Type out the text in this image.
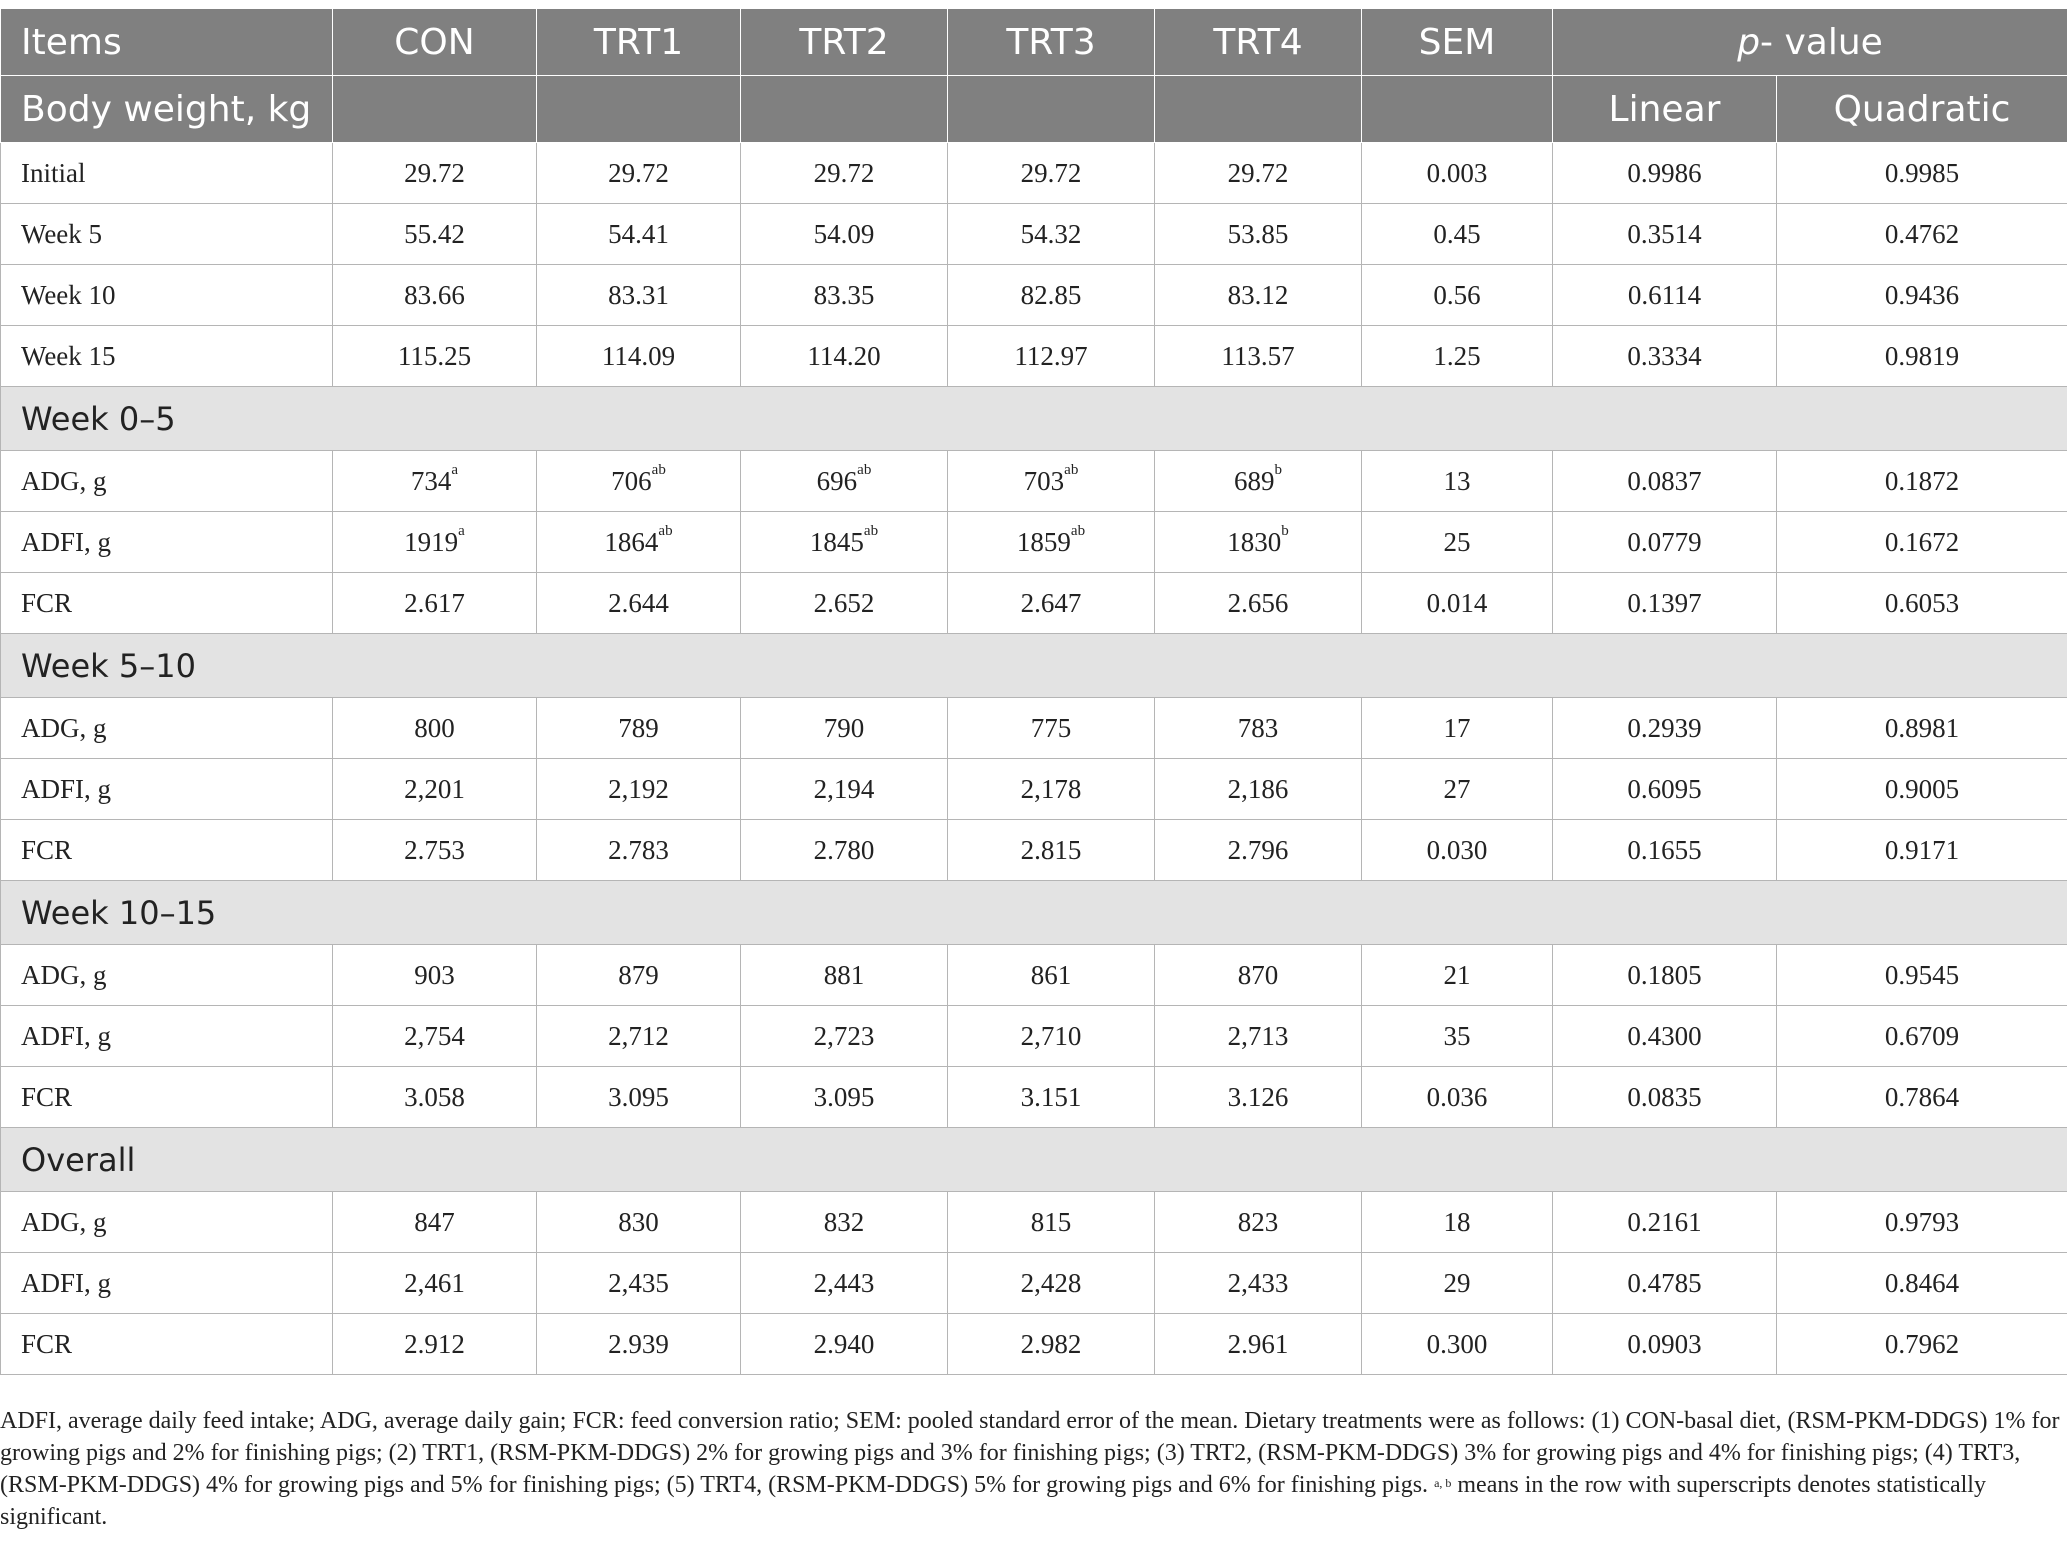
Items	CON	TRT1	TRT2	TRT3	TRT4	SEM	p- value	
Body weight, kg							Linear	Quadratic
Initial	29.72	29.72	29.72	29.72	29.72	0.003	0.9986	0.9985
Week 5	55.42	54.41	54.09	54.32	53.85	0.45	0.3514	0.4762
Week 10	83.66	83.31	83.35	82.85	83.12	0.56	0.6114	0.9436
Week 15	115.25	114.09	114.20	112.97	113.57	1.25	0.3334	0.9819
Week 0–5								
ADG, g	734$^a$	$706^{ab}$	$696^{ab}$	$703^{ab}$	689$^b$	13	0.0837	0.1872
ADFI, g	1919$^a$	$1864^{ab}$	$1845^{ab}$	$1859^{ab}$	1830$^b$	25	0.0779	0.1672
FCR	2.617	2.644	2.652	2.647	2.656	0.014	0.1397	0.6053
Week 5–10								
ADG, g	800	789	790	775	783	17	0.2939	0.8981
ADFI, g	2,201	2,192	2,194	2,178	2,186	27	0.6095	0.9005
FCR	2.753	2.783	2.780	2.815	2.796	0.030	0.1655	0.9171
Week 10–15								
ADG, g	903	879	881	861	870	21	0.1805	0.9545
ADFI, g	2,754	2,712	2,723	2,710	2,713	35	0.4300	0.6709
FCR	3.058	3.095	3.095	3.151	3.126	0.036	0.0835	0.7864
Overall								
ADG, g	847	830	832	815	823	18	0.2161	0.9793
ADFI, g	2,461	2,435	2,443	2,428	2,433	29	0.4785	0.8464
FCR	2.912	2.939	2.940	2.982	2.961	0.300	0.0903	0.7962
ADFI, average daily feed intake; ADG, average daily gain; FCR: feed conversion ratio; SEM: pooled standard error of the mean. Dietary treatments were as follows: (1) CON-basal diet, (RSM-PKM-DDGS) 1% for growing pigs and 2% for finishing pigs; (2) TRT1, (RSM-PKM-DDGS) 2% for growing pigs and 3% for finishing pigs; (3) TRT2, (RSM-PKM-DDGS) 3% for growing pigs and 4% for finishing pigs; (4) TRT3, (RSM-PKM-DDGS) 4% for growing pigs and 5% for finishing pigs; (5) TRT4, (RSM-PKM-DDGS) 5% for growing pigs and 6% for finishing pigs. $^{a, b}$ means in the row with superscripts denotes statistically significant.
